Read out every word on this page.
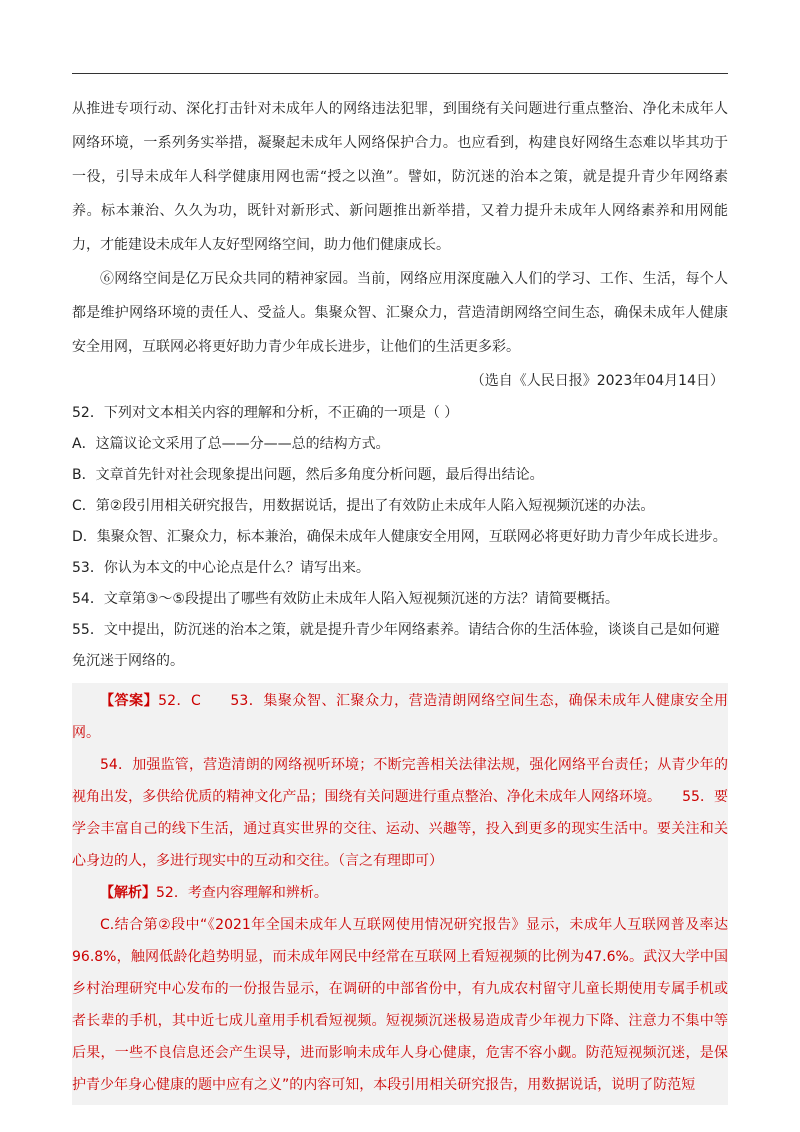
从推进专项行动、深化打击针对未成年人的网络违法犯罪，到围绕有关问题进行重点整治、净化未成年人网络环境，一系列务实举措，凝聚起未成年人网络保护合力。也应看到，构建良好网络生态难以毕其功于一役，引导未成年人科学健康用网也需“授之以渔”。譬如，防沉迷的治本之策，就是提升青少年网络素养。标本兼治、久久为功，既针对新形式、新问题推出新举措，又着力提升未成年人网络素养和用网能力，才能建设未成年人友好型网络空间，助力他们健康成长。

⑥网络空间是亿万民众共同的精神家园。当前，网络应用深度融入人们的学习、工作、生活，每个人都是维护网络环境的责任人、受益人。集聚众智、汇聚众力，营造清朗网络空间生态，确保未成年人健康安全用网，互联网必将更好助力青少年成长进步，让他们的生活更多彩。

（选自《人民日报》2023年04月14日）

52．下列对文本相关内容的理解和分析，不正确的一项是（ ）

A．这篇议论文采用了总——分——总的结构方式。

B．文章首先针对社会现象提出问题，然后多角度分析问题，最后得出结论。

C．第②段引用相关研究报告，用数据说话，提出了有效防止未成年人陷入短视频沉迷的办法。

D．集聚众智、汇聚众力，标本兼治，确保未成年人健康安全用网，互联网必将更好助力青少年成长进步。

53．你认为本文的中心论点是什么？请写出来。

54．文章第③～⑤段提出了哪些有效防止未成年人陷入短视频沉迷的方法？请简要概括。

55．文中提出，防沉迷的治本之策，就是提升青少年网络素养。请结合你的生活体验，谈谈自己是如何避免沉迷于网络的。

【答案】52．C　　53．集聚众智、汇聚众力，营造清朗网络空间生态，确保未成年人健康安全用网。

54．加强监管，营造清朗的网络视听环境；不断完善相关法律法规，强化网络平台责任；从青少年的视角出发，多供给优质的精神文化产品；围绕有关问题进行重点整治、净化未成年人网络环境。　　55．要学会丰富自己的线下生活，通过真实世界的交往、运动、兴趣等，投入到更多的现实生活中。要关注和关心身边的人，多进行现实中的互动和交往。（言之有理即可）

【解析】52．考查内容理解和辨析。

C.结合第②段中“《2021年全国未成年人互联网使用情况研究报告》显示，未成年人互联网普及率达96.8%，触网低龄化趋势明显，而未成年网民中经常在互联网上看短视频的比例为47.6%。武汉大学中国乡村治理研究中心发布的一份报告显示，在调研的中部省份中，有九成农村留守儿童长期使用专属手机或者长辈的手机，其中近七成儿童用手机看短视频。短视频沉迷极易造成青少年视力下降、注意力不集中等后果，一些不良信息还会产生误导，进而影响未成年人身心健康，危害不容小觑。防范短视频沉迷，是保护青少年身心健康的题中应有之义”的内容可知，本段引用相关研究报告，用数据说话，说明了防范短
